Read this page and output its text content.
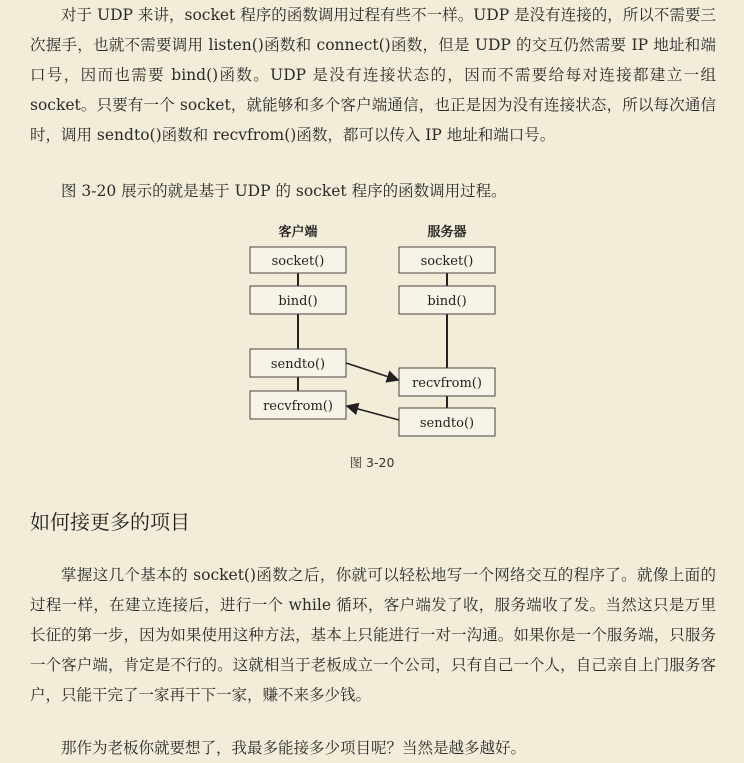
对于 UDP 来讲，socket 程序的函数调用过程有些不一样。UDP 是没有连接的，所以不需要三次握手，也就不需要调用 listen()函数和 connect()函数，但是 UDP 的交互仍然需要 IP 地址和端口号，因而也需要 bind()函数。UDP 是没有连接状态的，因而不需要给每对连接都建立一组 socket。只要有一个 socket，就能够和多个客户端通信，也正是因为没有连接状态，所以每次通信时，调用 sendto()函数和 recvfrom()函数，都可以传入 IP 地址和端口号。

图 3-20 展示的就是基于 UDP 的 socket 程序的函数调用过程。

客户端	服务器
socket()
bind()
sendto()
recvfrom()
socket()
bind()
recvfrom()
sendto()
图 3-20
如何接更多的项目

掌握这几个基本的 socket()函数之后，你就可以轻松地写一个网络交互的程序了。就像上面的过程一样，在建立连接后，进行一个 while 循环，客户端发了收，服务端收了发。当然这只是万里长征的第一步，因为如果使用这种方法，基本上只能进行一对一沟通。如果你是一个服务端，只服务一个客户端，肯定是不行的。这就相当于老板成立一个公司，只有自己一个人，自己亲自上门服务客户，只能干完了一家再干下一家，赚不来多少钱。

那作为老板你就要想了，我最多能接多少项目呢？当然是越多越好。
